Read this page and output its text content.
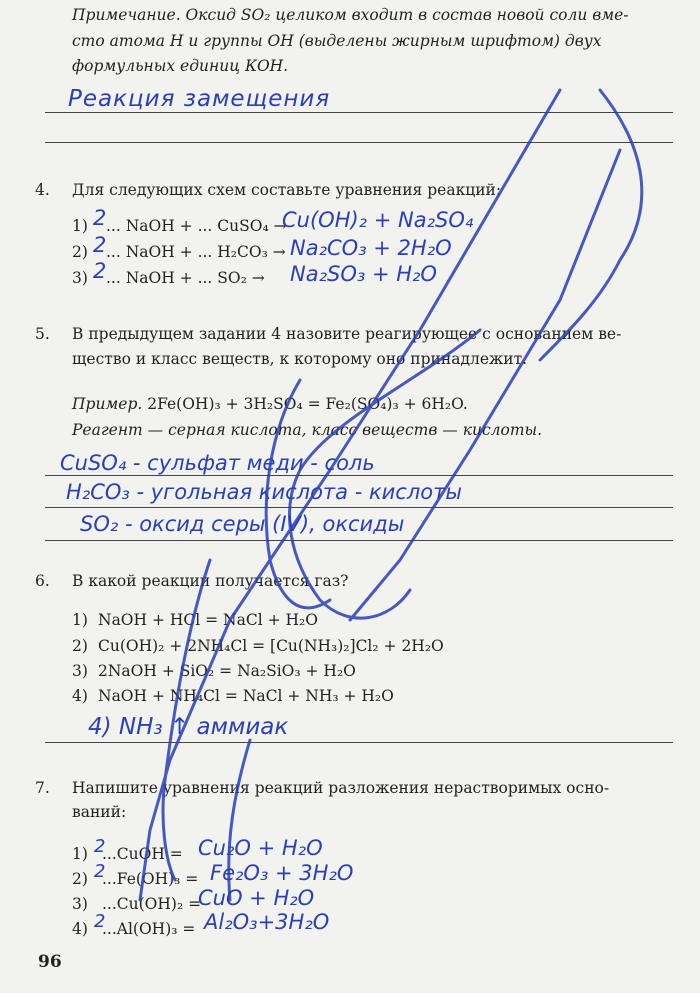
Примечание. Оксид SO₂ целиком входит в состав новой соли вме-
сто атома Н и группы ОН (выделены жирным шрифтом) двух
формульных единиц КОН.
Реакция замещения
4. Для следующих схем составьте уравнения реакций:
1) 2 ... NaOH + ... CuSO₄ →
Cu(OH)₂ + Na₂SO₄
2) 2 ... NaOH + ... H₂CO₃ → Na₂CO₃ + 2H₂O
3) 2 ... NaOH + ... SO₂ → Na₂SO₃ + H₂O
5. В предыдущем задании 4 назовите реагирующее с основанием ве-
щество и класс веществ, к которому оно принадлежит.
Пример. 2Fe(OH)₃ + 3H₂SO₄ = Fe₂(SO₄)₃ + 6H₂O.
Реагент — серная кислота, класс веществ — кислоты.
CuSO₄ - сульфат меди - соль
H₂CO₃ - угольная кислота - кислоты
SO₂ - оксид серы (IV), оксиды
6. В какой реакции получается газ?
1) NaOH + HCl = NaCl + H₂O
2) Cu(OH)₂ + 2NH₄Cl = [Cu(NH₃)₂]Cl₂ + 2H₂O
3) 2NaOH + SiO₂ = Na₂SiO₃ + H₂O
4) NaOH + NH₄Cl = NaCl + NH₃ + H₂O
4) NH₃ ↑ аммиак
7. Напишите уравнения реакций разложения нерастворимых осно-
ваний:
1) 2
...CuOH = Cu₂O + H₂O
2) 2
...Fe(OH)₃ = Fe₂O₃ + 3H₂O
3) ...Cu(OH)₂ =
CuO + H₂O
4) 2
...Al(OH)₃ = Al₂O₃+3H₂O
96
